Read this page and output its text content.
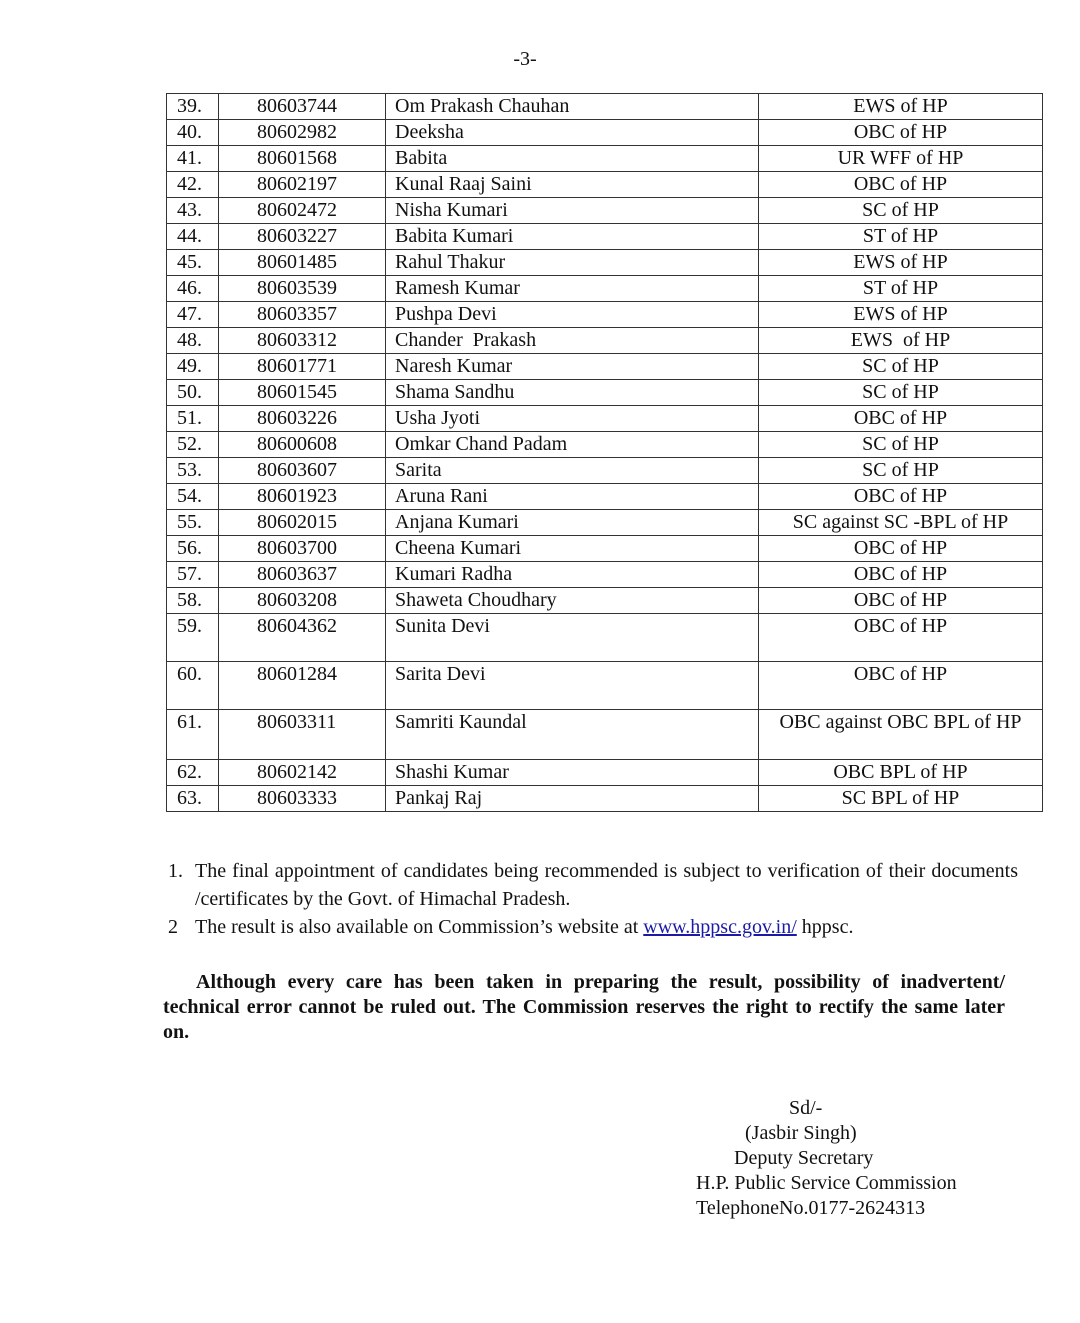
-3-
39.	80603744	Om Prakash Chauhan	EWS of HP
40.	80602982	Deeksha	OBC of HP
41.	80601568	Babita	UR WFF of HP
42.	80602197	Kunal Raaj Saini	OBC of HP
43.	80602472	Nisha Kumari	SC of HP
44.	80603227	Babita Kumari	ST of HP
45.	80601485	Rahul Thakur	EWS of HP
46.	80603539	Ramesh Kumar	ST of HP
47.	80603357	Pushpa Devi	EWS of HP
48.	80603312	Chander  Prakash	EWS  of HP
49.	80601771	Naresh Kumar	SC of HP
50.	80601545	Shama Sandhu	SC of HP
51.	80603226	Usha Jyoti	OBC of HP
52.	80600608	Omkar Chand Padam	SC of HP
53.	80603607	Sarita	SC of HP
54.	80601923	Aruna Rani	OBC of HP
55.	80602015	Anjana Kumari	SC against SC -BPL of HP
56.	80603700	Cheena Kumari	OBC of HP
57.	80603637	Kumari Radha	OBC of HP
58.	80603208	Shaweta Choudhary	OBC of HP
59.	80604362	Sunita Devi	OBC of HP
60.	80601284	Sarita Devi	OBC of HP
61.	80603311	Samriti Kaundal	OBC against OBC BPL of HP
62.	80602142	Shashi Kumar	OBC BPL of HP
63.	80603333	Pankaj Raj	SC BPL of HP
1. The final appointment of candidates being recommended is subject to verification of their documents /certificates by the Govt. of Himachal Pradesh.
2 The result is also available on Commission’s website at www.hppsc.gov.in/ hppsc.
Although every care has been taken in preparing the result, possibility of inadvertent/ technical error cannot be ruled out. The Commission reserves the right to rectify the same later on.
Sd/-
(Jasbir Singh)
Deputy Secretary
H.P. Public Service Commission
TelephoneNo.0177-2624313
